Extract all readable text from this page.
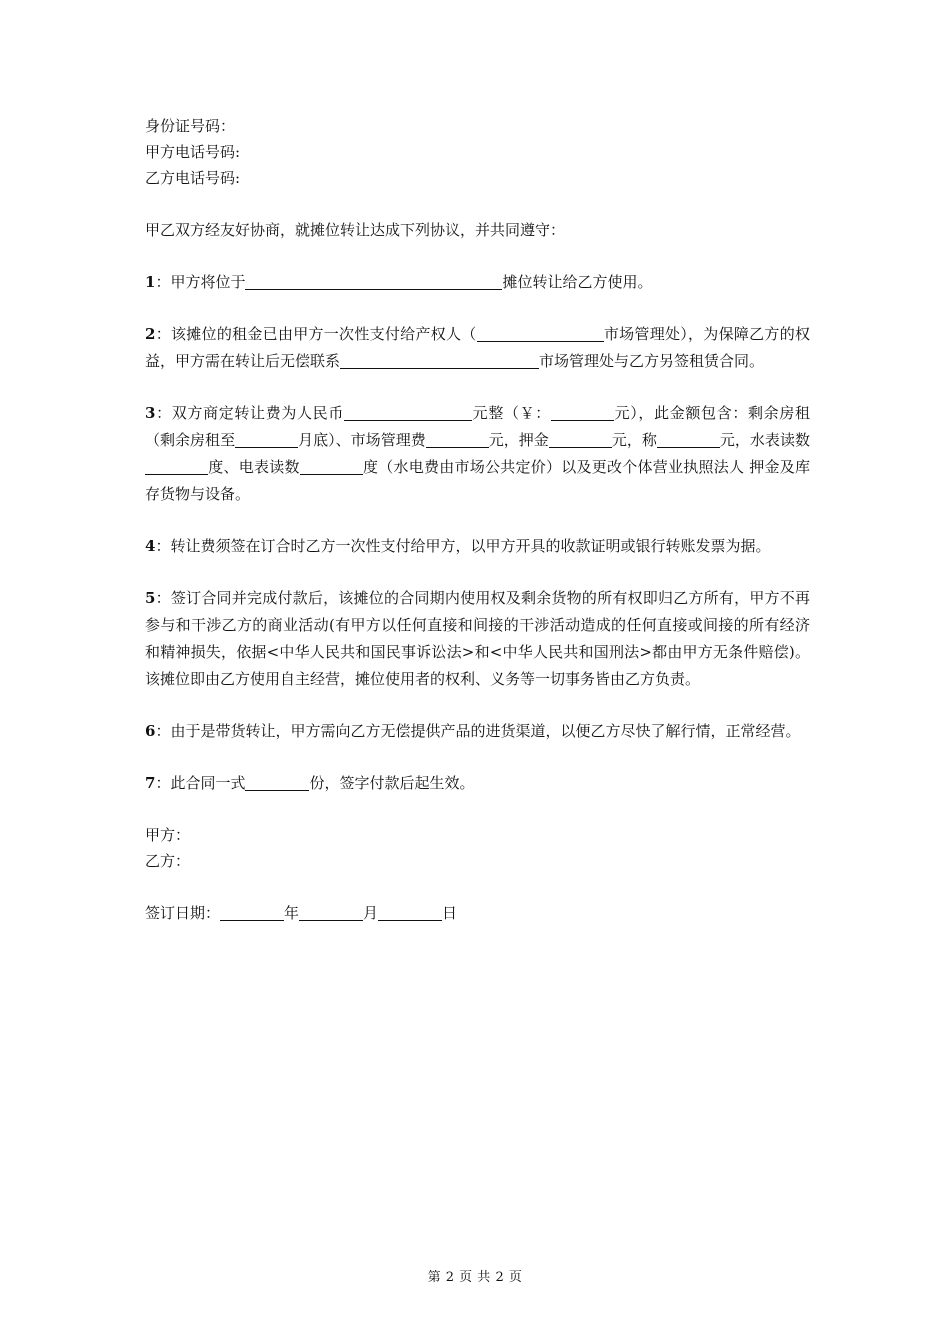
身份证号码：
甲方电话号码:
乙方电话号码:
甲乙双方经友好协商，就摊位转让达成下列协议，并共同遵守：

1：甲方将位于	摊位转让给乙方使用。

2：该摊位的租金已由甲方一次性支付给产权人（	市场管理处），为保障乙方的权益，甲方需在转让后无偿联系	市场管理处与乙方另签租赁合同。

3：双方商定转让费为人民币	元整（￥：	元），此金额包含：剩余房租（剩余房租至	月底）、市场管理费	元，押金	元，称	元，水表读数度、电表读数	度（水电费由市场公共定价）以及更改个体营业执照法人 押金及库存货物与设备。

4：转让费须签在订合时乙方一次性支付给甲方，以甲方开具的收款证明或银行转账发票为据。

5：签订合同并完成付款后，该摊位的合同期内使用权及剩余货物的所有权即归乙方所有，甲方不再参与和干涉乙方的商业活动(有甲方以任何直接和间接的干涉活动造成的任何直接或间接的所有经济和精神损失，依据<中华人民共和国民事诉讼法>和<中华人民共和国刑法>都由甲方无条件赔偿)。该摊位即由乙方使用自主经营，摊位使用者的权利、义务等一切事务皆由乙方负责。

6：由于是带货转让，甲方需向乙方无偿提供产品的进货渠道，以便乙方尽快了解行情，正常经营。

7：此合同一式	份，签字付款后起生效。

甲方：
乙方：
签订日期：	年	月	日
第 2 页 共 2 页
